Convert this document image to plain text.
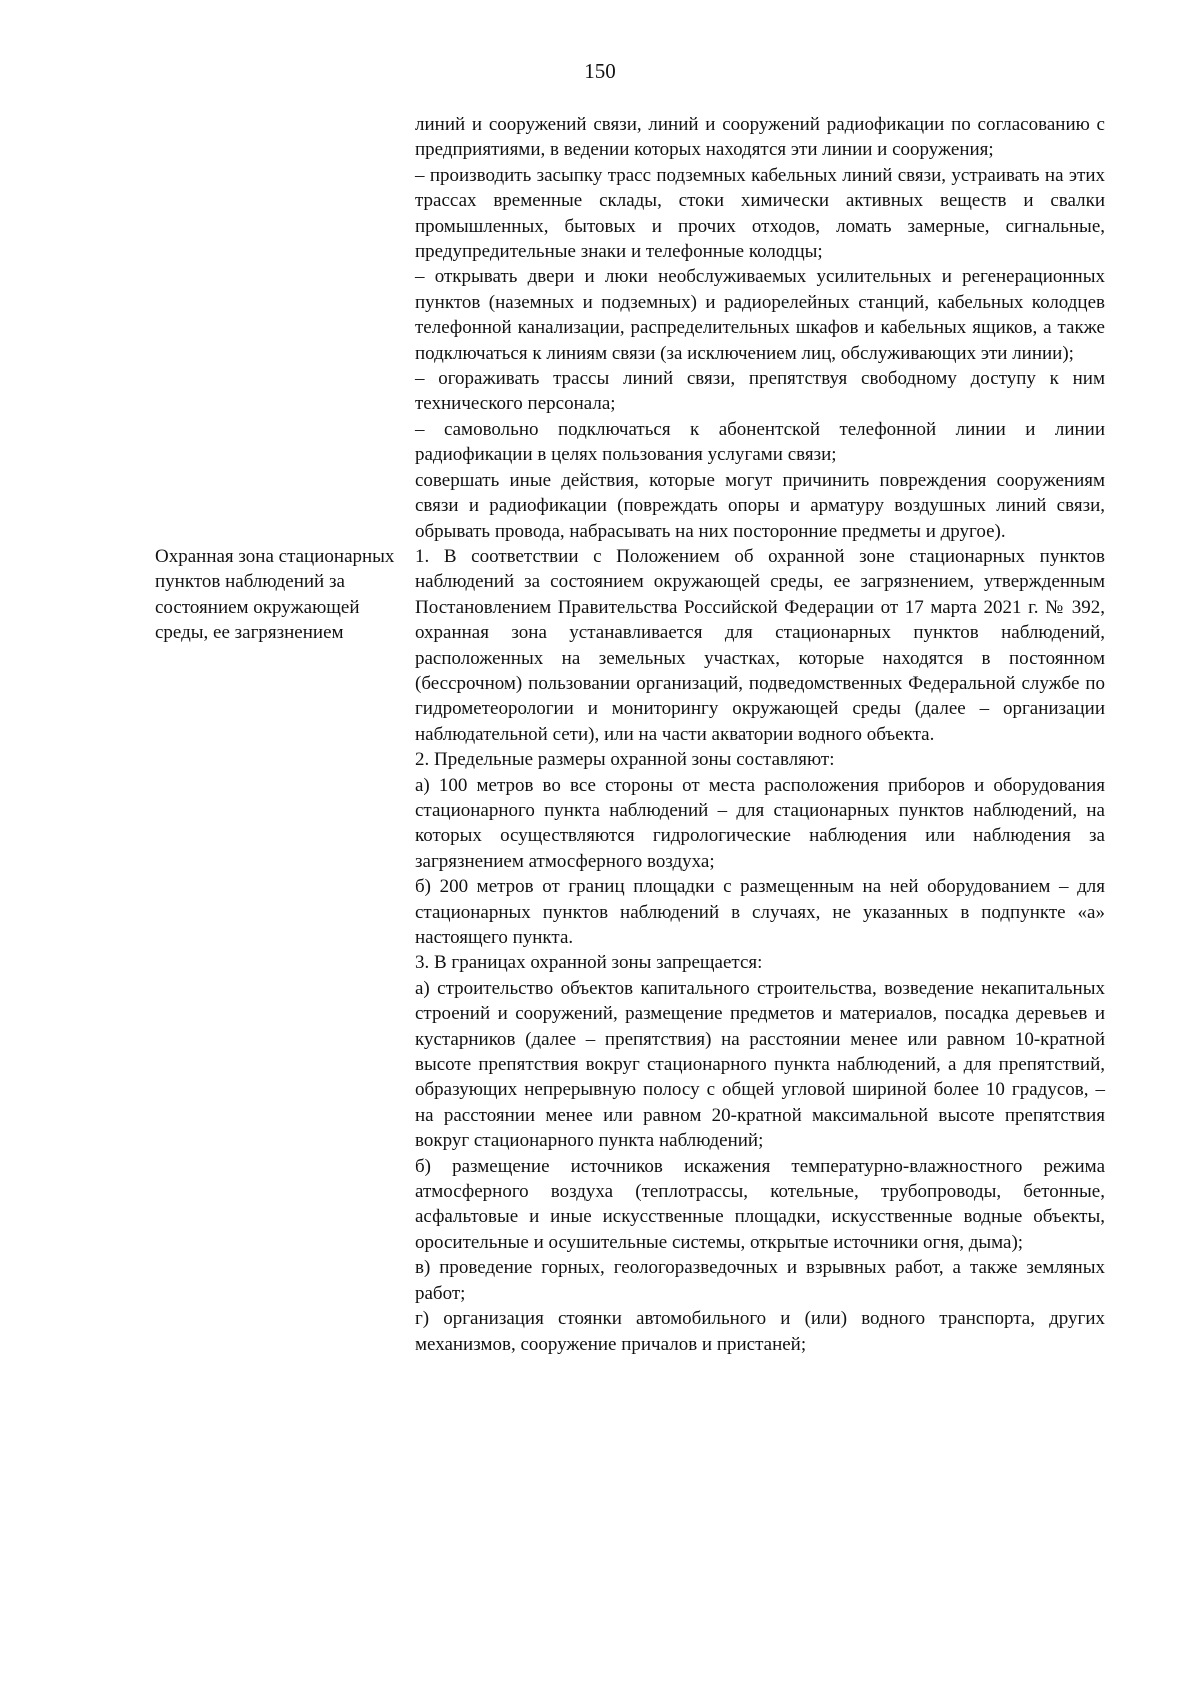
150

линий и сооружений связи, линий и сооружений радиофикации по согласованию с предприятиями, в ведении которых находятся эти линии и сооружения;

– производить засыпку трасс подземных кабельных линий связи, устраивать на этих трассах временные склады, стоки химически активных веществ и свалки промышленных, бытовых и прочих отходов, ломать замерные, сигнальные, предупредительные знаки и телефонные колодцы;

– открывать двери и люки необслуживаемых усилительных и регенерационных пунктов (наземных и подземных) и радиорелейных станций, кабельных колодцев телефонной канализации, распределительных шкафов и кабельных ящиков, а также подключаться к линиям связи (за исключением лиц, обслуживающих эти линии);

– огораживать трассы линий связи, препятствуя свободному доступу к ним технического персонала;

– самовольно подключаться к абонентской телефонной линии и линии радиофикации в целях пользования услугами связи;

совершать иные действия, которые могут причинить повреждения сооружениям связи и радиофикации (повреждать опоры и арматуру воздушных линий связи, обрывать провода, набрасывать на них посторонние предметы и другое).

Охранная зона стационарных пунктов наблюдений за состоянием окружающей среды, ее загрязнением

1. В соответствии с Положением об охранной зоне стационарных пунктов наблюдений за состоянием окружающей среды, ее загрязнением, утвержденным Постановлением Правительства Российской Федерации от 17 марта 2021 г. № 392, охранная зона устанавливается для стационарных пунктов наблюдений, расположенных на земельных участках, которые находятся в постоянном (бессрочном) пользовании организаций, подведомственных Федеральной службе по гидрометеорологии и мониторингу окружающей среды (далее – организации наблюдательной сети), или на части акватории водного объекта.

2. Предельные размеры охранной зоны составляют:

а) 100 метров во все стороны от места расположения приборов и оборудования стационарного пункта наблюдений – для стационарных пунктов наблюдений, на которых осуществляются гидрологические наблюдения или наблюдения за загрязнением атмосферного воздуха;

б) 200 метров от границ площадки с размещенным на ней оборудованием – для стационарных пунктов наблюдений в случаях, не указанных в подпункте «а» настоящего пункта.

3. В границах охранной зоны запрещается:

а) строительство объектов капитального строительства, возведение некапитальных строений и сооружений, размещение предметов и материалов, посадка деревьев и кустарников (далее – препятствия) на расстоянии менее или равном 10-кратной высоте препятствия вокруг стационарного пункта наблюдений, а для препятствий, образующих непрерывную полосу с общей угловой шириной более 10 градусов, – на расстоянии менее или равном 20-кратной максимальной высоте препятствия вокруг стационарного пункта наблюдений;

б) размещение источников искажения температурно-влажностного режима атмосферного воздуха (теплотрассы, котельные, трубопроводы, бетонные, асфальтовые и иные искусственные площадки, искусственные водные объекты, оросительные и осушительные системы, открытые источники огня, дыма);

в) проведение горных, геологоразведочных и взрывных работ, а также земляных работ;

г) организация стоянки автомобильного и (или) водного транспорта, других механизмов, сооружение причалов и пристаней;
